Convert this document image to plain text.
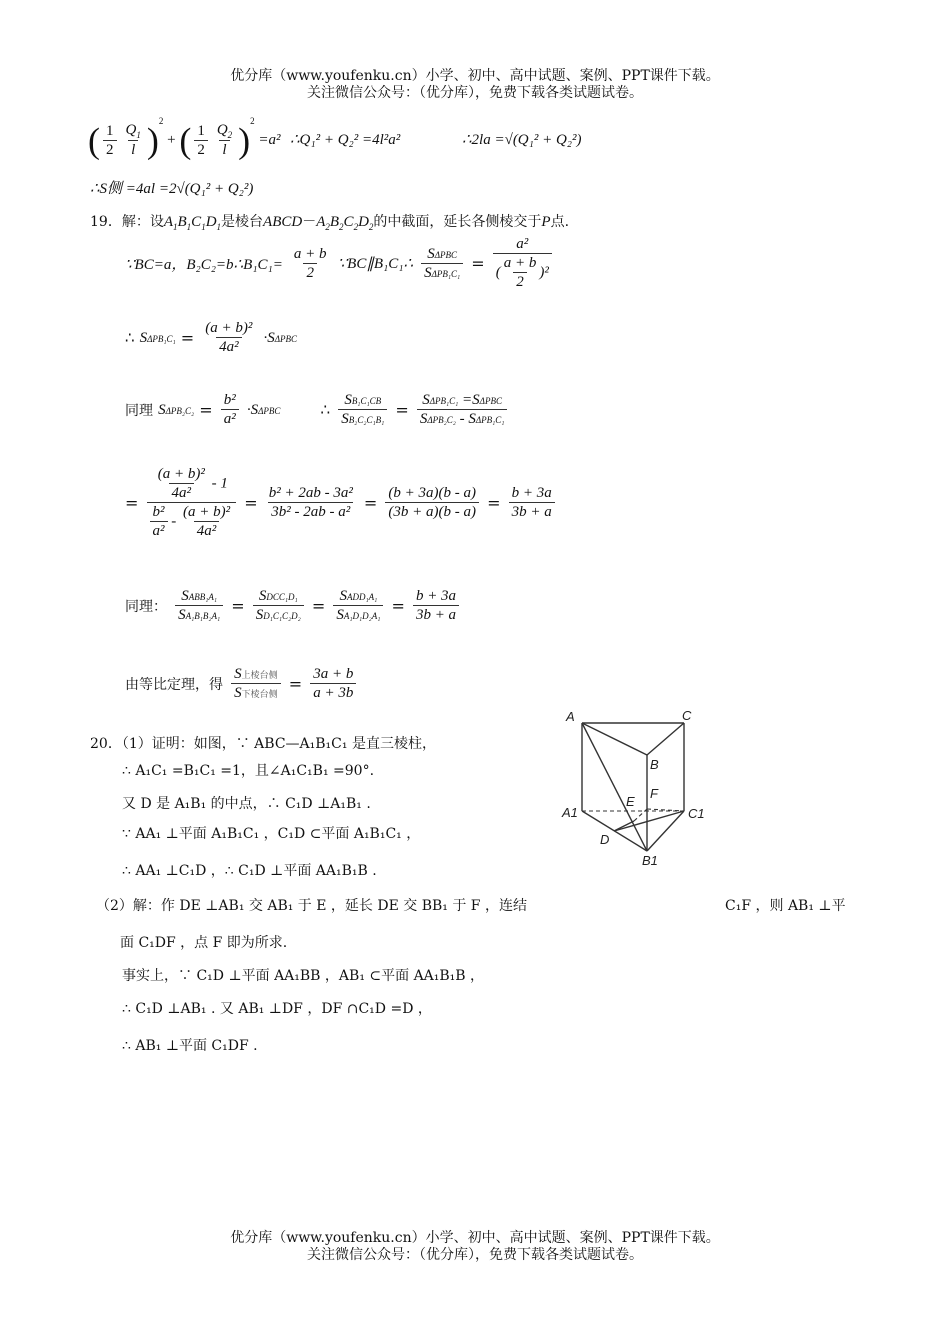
优分库（www.youfenku.cn）小学、初中、高中试题、案例、PPT课件下载。
关注微信公众号：（优分库），免费下载各类试题试卷。
( $\frac{1}{2} \frac{Q_1}{l} )^2$ + ( $\frac{1}{2} \frac{Q_2}{l} )^2 =a^2$ ∴Q₁² + Q₂² =4l²a²	∴2la =√(Q₁² + Q₂²)
∴S侧 =4al =2√(Q₁² + Q₂²)
19．解：设$A_1B_1C_1D_1$是棱台$ABCD-A_2B_2C_2D_2$的中截面，延长各侧棱交于P点.
∵BC=a，B₂C₂=b∴B₁C₁= $\frac{a + b}{2}$ ∵BC∥B₁C₁∴ $\frac{\text{SΔPBC}}{\text{SΔPB₁C₁}} = \frac{\text{a²}}{( \frac{a + b}{2} )^2}$
∴ $S\Delta PB_1C_1 = \frac{\text{(a + b)²}}{\text{4a²}} \cdot S\Delta PBC$
同理 $S\Delta PB_2C_2 = \frac{\text{b²}}{\text{a²}} \cdot S\Delta PBC$	∴ $\frac{\text{SB₁C₁CB}}{\text{SB₂C₂C₁B₁}} = \frac{\text{SΔPB₁C₁ =SΔPBC}}{\text{SΔPB₂C₂ - SΔPB₁C₁}}$
= $\frac{\frac{\text{(a + b)²}}{\text{4a²}} - 1}{\frac{\text{b²}}{\text{a²}} - \frac{\text{(a + b)²}}{\text{4a²}}} = \frac{\text{b² + 2ab - 3a²}}{\text{3b² - 2ab - a²}} = \frac{(b + 3a)(b - a)}{(3b + a)(b - a)} = \frac{b + 3a}{3b + a}$
同理： $\frac{\text{SABB₁A₁}}{\text{SA₁B₁B₂A₁}} = \frac{\text{SDCC₁D₁}}{\text{SD₁C₁C₂D₂}} = \frac{\text{SADD₁A₁}}{\text{SA₁D₁D₂A₁}} = \frac{b + 3a}{3b + a}$
由等比定理，得 $\frac{\text{S上棱台侧}}{\text{S下棱台侧}} = \frac{3a + b}{a + 3b}$
20．（1）证明：如图，∵ ABC—A₁B₁C₁ 是直三棱柱，
∴ A₁C₁ =B₁C₁ =1，且∠A₁C₁B₁ =90°.
又 D 是 A₁B₁ 的中点，∴ C₁D ⊥A₁B₁ .
∵ AA₁ ⊥平面 A₁B₁C₁ ，C₁D ⊂平面 A₁B₁C₁ ，
∴ AA₁ ⊥C₁D ，∴ C₁D ⊥平面 AA₁B₁B .
（2）解：作 DE ⊥AB₁ 交 AB₁ 于 E ，延长 DE 交 BB₁ 于 F ，连结	C₁F ，则 AB₁ ⊥平
面 C₁DF ，点 F 即为所求.
事实上，∵ C₁D ⊥平面 AA₁BB ，AB₁ ⊂平面 AA₁B₁B ，
∴ C₁D ⊥AB₁ . 又 AB₁ ⊥DF ，DF ∩C₁D =D ，
∴ AB₁ ⊥平面 C₁DF .
A	C
B
E
F
A1	C1
D
B1
优分库（www.youfenku.cn）小学、初中、高中试题、案例、PPT课件下载。
关注微信公众号：（优分库），免费下载各类试题试卷。
